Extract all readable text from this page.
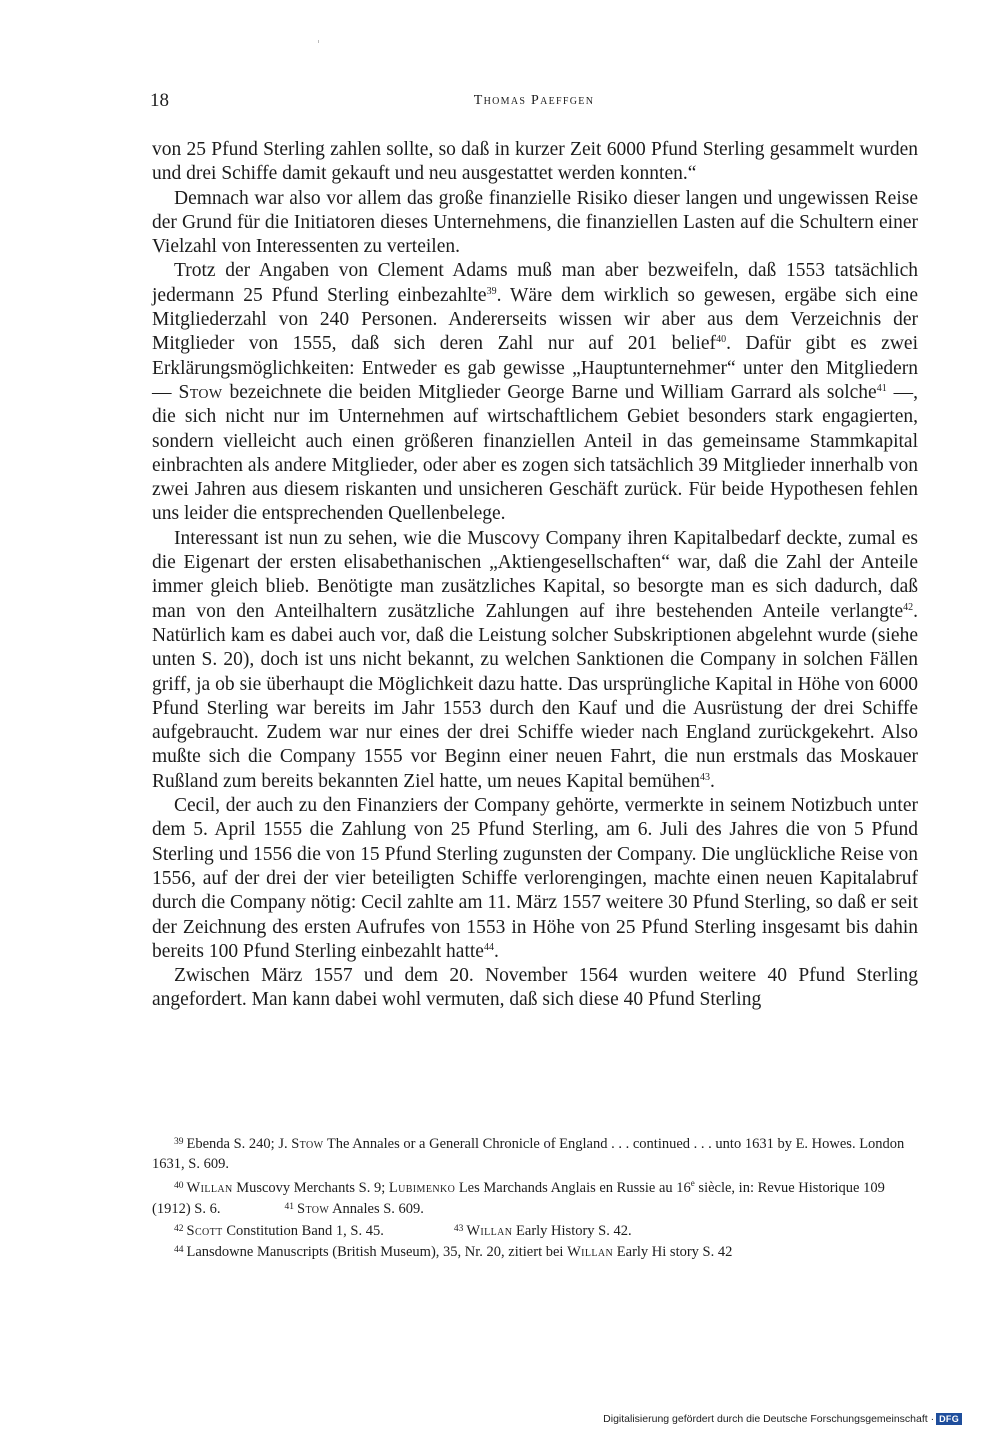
18	Thomas Paeffgen

von 25 Pfund Sterling zahlen sollte, so daß in kurzer Zeit 6000 Pfund Sterling gesammelt wurden und drei Schiffe damit gekauft und neu ausgestattet werden konnten.“

Demnach war also vor allem das große finanzielle Risiko dieser langen und ungewissen Reise der Grund für die Initiatoren dieses Unternehmens, die finanziellen Lasten auf die Schultern einer Vielzahl von Interessenten zu verteilen.

Trotz der Angaben von Clement Adams muß man aber bezweifeln, daß 1553 tatsächlich jedermann 25 Pfund Sterling einbezahlte$^{39}$. Wäre dem wirklich so gewesen, ergäbe sich eine Mitgliederzahl von 240 Personen. Andererseits wissen wir aber aus dem Verzeichnis der Mitglieder von 1555, daß sich deren Zahl nur auf 201 belief$^{40}$. Dafür gibt es zwei Erklärungsmöglichkeiten: Entweder es gab gewisse „Hauptunternehmer“ unter den Mitgliedern — Stow bezeichnete die beiden Mitglieder George Barne und William Garrard als solche$^{41}$ —, die sich nicht nur im Unternehmen auf wirtschaftlichem Gebiet besonders stark engagierten, sondern vielleicht auch einen größeren finanziellen Anteil in das gemeinsame Stammkapital einbrachten als andere Mitglieder, oder aber es zogen sich tatsächlich 39 Mitglieder innerhalb von zwei Jahren aus diesem riskanten und unsicheren Geschäft zurück. Für beide Hypothesen fehlen uns leider die entsprechenden Quellenbelege.

Interessant ist nun zu sehen, wie die Muscovy Company ihren Kapitalbedarf deckte, zumal es die Eigenart der ersten elisabethanischen „Aktiengesellschaften“ war, daß die Zahl der Anteile immer gleich blieb. Benötigte man zusätzliches Kapital, so besorgte man es sich dadurch, daß man von den Anteilhaltern zusätzliche Zahlungen auf ihre bestehenden Anteile verlangte$^{42}$. Natürlich kam es dabei auch vor, daß die Leistung solcher Subskriptionen abgelehnt wurde (siehe unten S. 20), doch ist uns nicht bekannt, zu welchen Sanktionen die Company in solchen Fällen griff, ja ob sie überhaupt die Möglichkeit dazu hatte. Das ursprüngliche Kapital in Höhe von 6000 Pfund Sterling war bereits im Jahr 1553 durch den Kauf und die Ausrüstung der drei Schiffe aufgebraucht. Zudem war nur eines der drei Schiffe wieder nach England zurückgekehrt. Also mußte sich die Company 1555 vor Beginn einer neuen Fahrt, die nun erstmals das Moskauer Rußland zum bereits bekannten Ziel hatte, um neues Kapital bemühen$^{43}$.

Cecil, der auch zu den Finanziers der Company gehörte, vermerkte in seinem Notizbuch unter dem 5. April 1555 die Zahlung von 25 Pfund Sterling, am 6. Juli des Jahres die von 5 Pfund Sterling und 1556 die von 15 Pfund Sterling zugunsten der Company. Die unglückliche Reise von 1556, auf der drei der vier beteiligten Schiffe verlorengingen, machte einen neuen Kapitalabruf durch die Company nötig: Cecil zahlte am 11. März 1557 weitere 30 Pfund Sterling, so daß er seit der Zeichnung des ersten Aufrufes von 1553 in Höhe von 25 Pfund Sterling insgesamt bis dahin bereits 100 Pfund Sterling einbezahlt hatte$^{44}$.

Zwischen März 1557 und dem 20. November 1564 wurden weitere 40 Pfund Sterling angefordert. Man kann dabei wohl vermuten, daß sich diese 40 Pfund Sterling

$^{39}$ Ebenda S. 240; J. Stow The Annales or a Generall Chronicle of England . . . continued . . . unto 1631 by E. Howes. London 1631, S. 609.
$^{40}$ Willan Muscovy Merchants S. 9; Lubimenko Les Marchands Anglais en Russie au 16e siècle, in: Revue Historique 109 (1912) S. 6.	$^{41}$ Stow Annales S. 609.
$^{42}$ Scott Constitution Band 1, S. 45.	$^{43}$ Willan Early History S. 42.
$^{44}$ Lansdowne Manuscripts (British Museum), 35, Nr. 20, zitiert bei Willan Early Hi story S. 42
Digitalisierung gefördert durch die Deutsche Forschungsgemeinschaft · DFG
